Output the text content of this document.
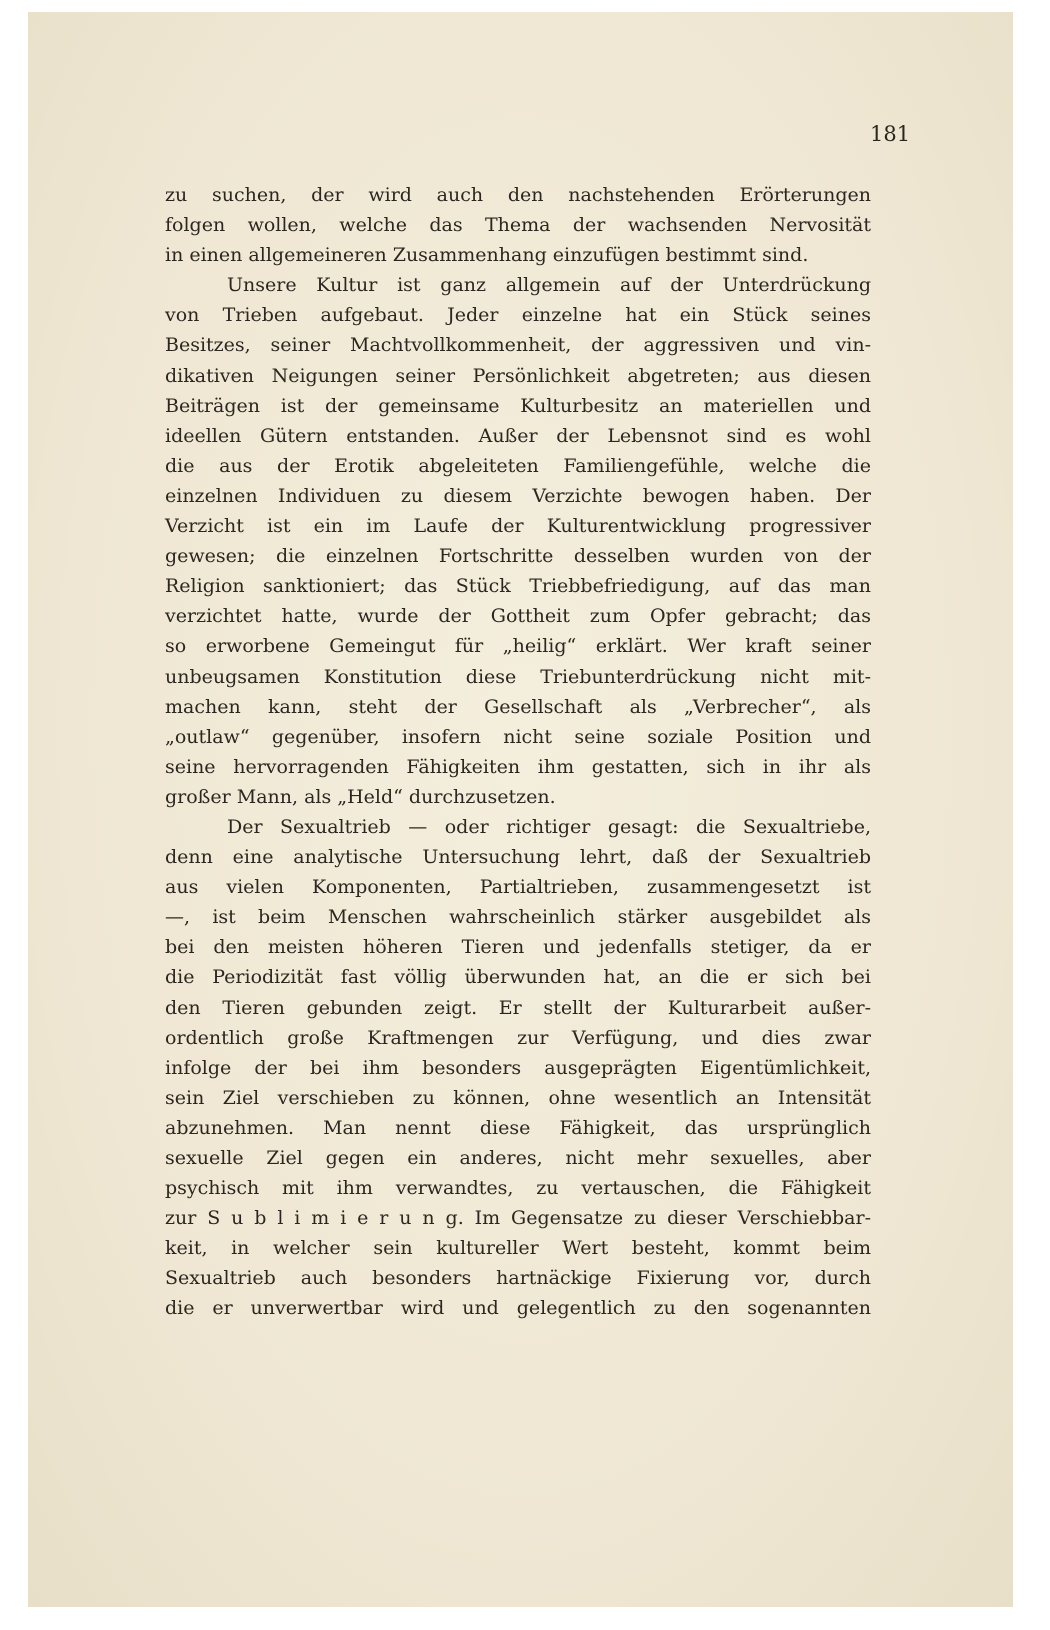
181

zu suchen, der wird auch den nachstehenden Erörterungen
folgen wollen, welche das Thema der wachsenden Nervosität
in einen allgemeineren Zusammenhang einzufügen bestimmt sind.
Unsere Kultur ist ganz allgemein auf der Unterdrückung
von Trieben aufgebaut. Jeder einzelne hat ein Stück seines
Besitzes, seiner Machtvollkommenheit, der aggressiven und vin-
dikativen Neigungen seiner Persönlichkeit abgetreten; aus diesen
Beiträgen ist der gemeinsame Kulturbesitz an materiellen und
ideellen Gütern entstanden. Außer der Lebensnot sind es wohl
die aus der Erotik abgeleiteten Familiengefühle, welche die
einzelnen Individuen zu diesem Verzichte bewogen haben. Der
Verzicht ist ein im Laufe der Kulturentwicklung progressiver
gewesen; die einzelnen Fortschritte desselben wurden von der
Religion sanktioniert; das Stück Triebbefriedigung, auf das man
verzichtet hatte, wurde der Gottheit zum Opfer gebracht; das
so erworbene Gemeingut für „heilig“ erklärt. Wer kraft seiner
unbeugsamen Konstitution diese Triebunterdrückung nicht mit-
machen kann, steht der Gesellschaft als „Verbrecher“, als
„outlaw“ gegenüber, insofern nicht seine soziale Position und
seine hervorragenden Fähigkeiten ihm gestatten, sich in ihr als
großer Mann, als „Held“ durchzusetzen.
Der Sexualtrieb — oder richtiger gesagt: die Sexualtriebe,
denn eine analytische Untersuchung lehrt, daß der Sexualtrieb
aus vielen Komponenten, Partialtrieben, zusammengesetzt ist
—, ist beim Menschen wahrscheinlich stärker ausgebildet als
bei den meisten höheren Tieren und jedenfalls stetiger, da er
die Periodizität fast völlig überwunden hat, an die er sich bei
den Tieren gebunden zeigt. Er stellt der Kulturarbeit außer-
ordentlich große Kraftmengen zur Verfügung, und dies zwar
infolge der bei ihm besonders ausgeprägten Eigentümlichkeit,
sein Ziel verschieben zu können, ohne wesentlich an Intensität
abzunehmen. Man nennt diese Fähigkeit, das ursprünglich
sexuelle Ziel gegen ein anderes, nicht mehr sexuelles, aber
psychisch mit ihm verwandtes, zu vertauschen, die Fähigkeit
zur S u b l i m i e r u n g. Im Gegensatze zu dieser Verschiebbar-
keit, in welcher sein kultureller Wert besteht, kommt beim
Sexualtrieb auch besonders hartnäckige Fixierung vor, durch
die er unverwertbar wird und gelegentlich zu den sogenannten
